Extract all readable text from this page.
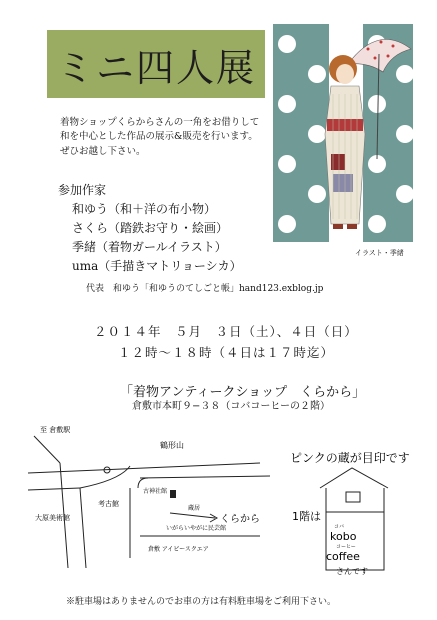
ミニ四人展
着物ショップくらからさんの一角をお借りして
和を中心とした作品の展示&販売を行います。
ぜひお越し下さい。
参加作家
和ゆう（和＋洋の布小物）
さくら（踏鉄お守り・絵画）
季緒（着物ガールイラスト）
uma（手描きマトリョーシカ）
代表　和ゆう「和ゆうのてしごと帳」hand123.exblog.jp
イラスト・季緒
２０１４年　５月　３日（土）、４日（日）
１２時〜１８時（４日は１７時迄）
「着物アンティークショップ　くらから」
倉敷市本町９−３８（コバコーヒーの２階）
至 倉敷駅
鶴形山
古神社館
蔵居
くらから
考古館
大原美術館
いがらいやがに民芸館
倉敷 アイビースクエア
ピンクの蔵が目印です
1階は
コバ
kobo
コーヒー
coffee
さんです
※駐車場はありませんのでお車の方は有料駐車場をご利用下さい。
